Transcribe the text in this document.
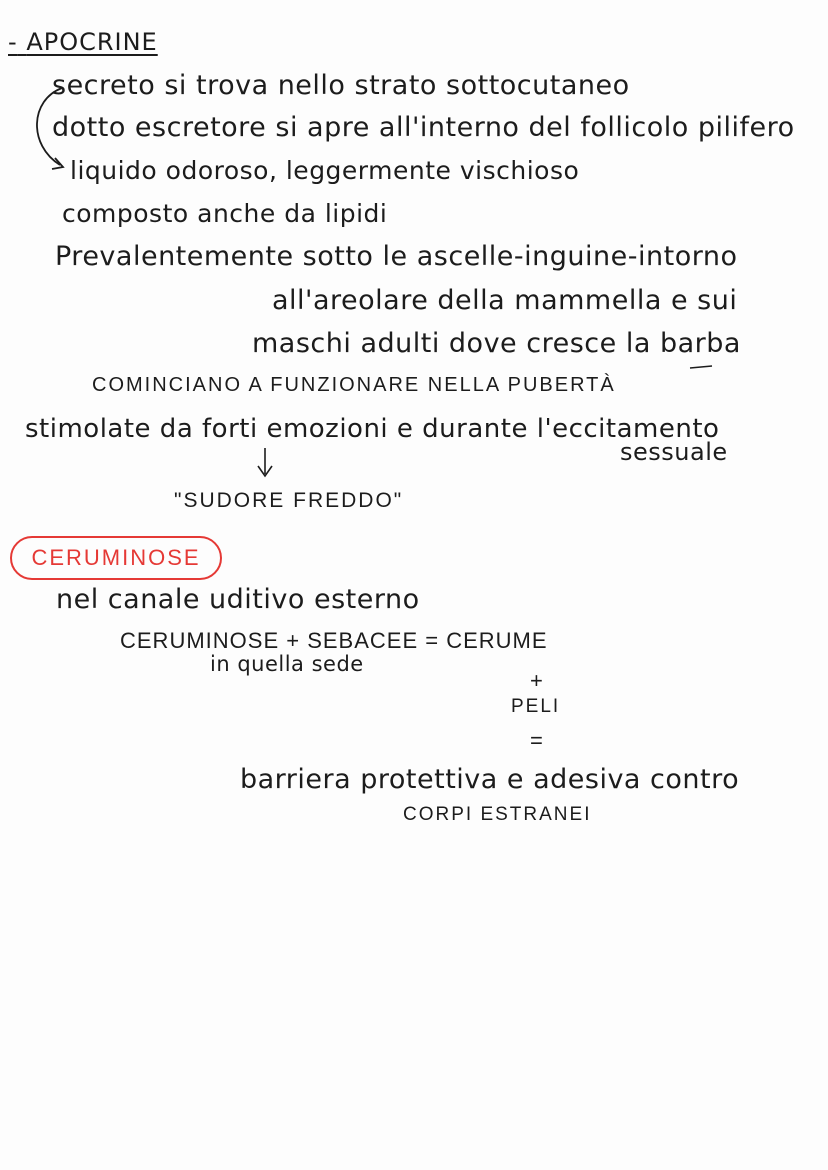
- APOCRINE
secreto si trova nello strato sottocutaneo
dotto escretore si apre all'interno del follicolo pilifero
liquido odoroso, leggermente vischioso
composto anche da lipidi
Prevalentemente sotto le ascelle-inguine-intorno
all'areolare della mammella e sui
maschi adulti dove cresce la barba
COMINCIANO A FUNZIONARE NELLA PUBERTÀ
stimolate da forti emozioni e durante l'eccitamento
sessuale
"SUDORE FREDDO"
CERUMINOSE
nel canale uditivo esterno
CERUMINOSE + SEBACEE = CERUME
in quella sede
+
PELI
=
barriera protettiva e adesiva contro
CORPI ESTRANEI
